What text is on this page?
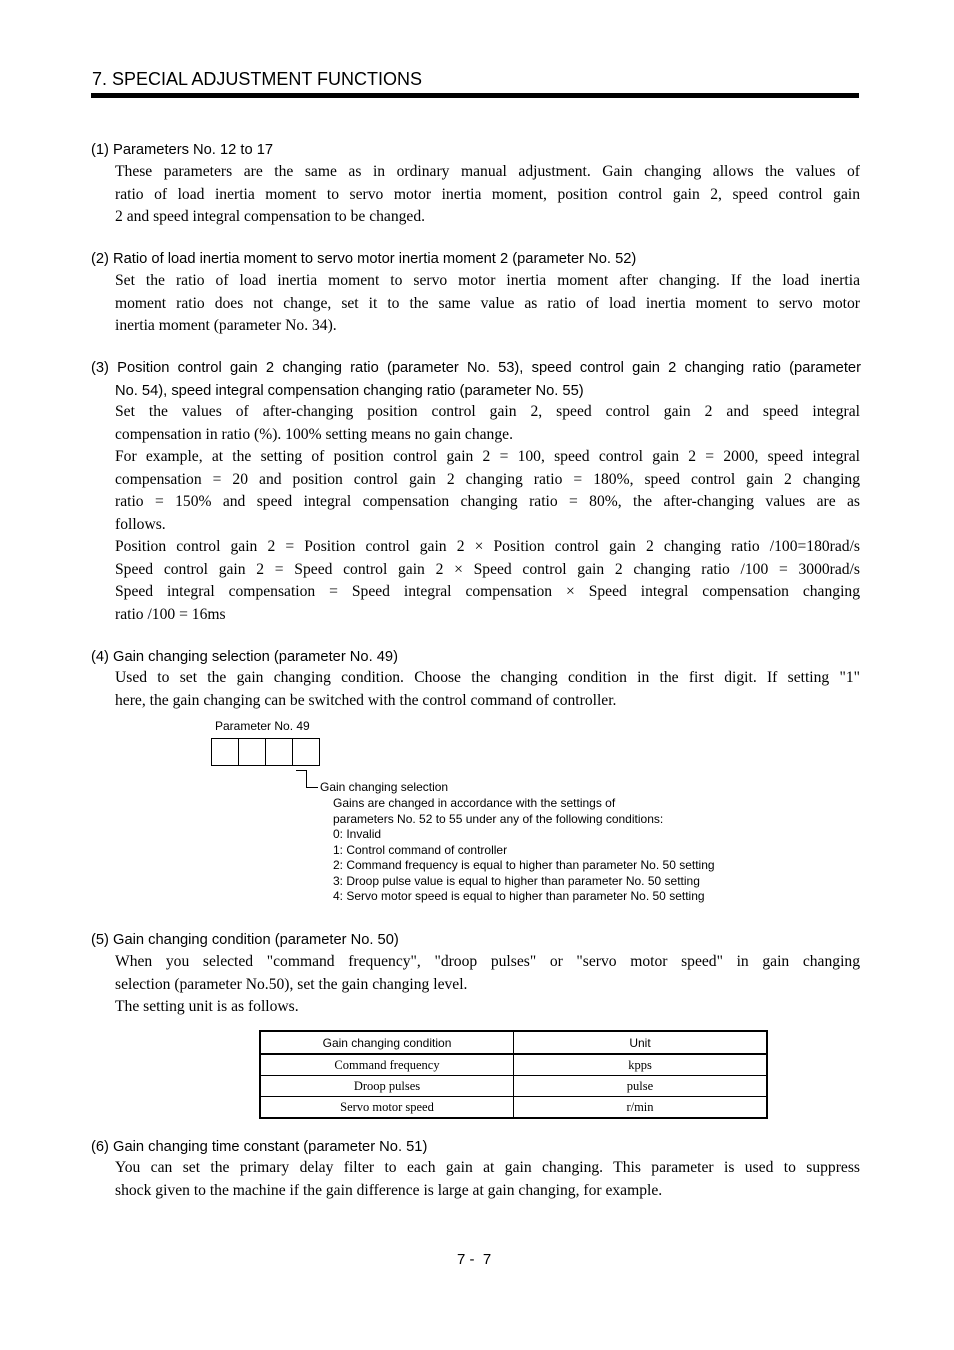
7. SPECIAL ADJUSTMENT FUNCTIONS
(1) Parameters No. 12 to 17
These parameters are the same as in ordinary manual adjustment. Gain changing allows the values of
ratio of load inertia moment to servo motor inertia moment, position control gain 2, speed control gain
2 and speed integral compensation to be changed.
(2) Ratio of load inertia moment to servo motor inertia moment 2 (parameter No. 52)
Set the ratio of load inertia moment to servo motor inertia moment after changing. If the load inertia
moment ratio does not change, set it to the same value as ratio of load inertia moment to servo motor
inertia moment (parameter No. 34).
(3) Position control gain 2 changing ratio (parameter No. 53), speed control gain 2 changing ratio (parameter
No. 54), speed integral compensation changing ratio (parameter No. 55)
Set the values of after-changing position control gain 2, speed control gain 2 and speed integral
compensation in ratio (%). 100% setting means no gain change.
For example, at the setting of position control gain 2 = 100, speed control gain 2 = 2000, speed integral
compensation = 20 and position control gain 2 changing ratio = 180%, speed control gain 2 changing
ratio = 150% and speed integral compensation changing ratio = 80%, the after-changing values are as
follows.
Position control gain 2 = Position control gain 2 × Position control gain 2 changing ratio /100=180rad/s
Speed control gain 2 = Speed control gain 2 × Speed control gain 2 changing ratio /100 = 3000rad/s
Speed integral compensation = Speed integral compensation × Speed integral compensation changing
ratio /100 = 16ms
(4) Gain changing selection (parameter No. 49)
Used to set the gain changing condition. Choose the changing condition in the first digit. If setting "1"
here, the gain changing can be switched with the control command of controller.
Parameter No. 49
Gain changing selection
Gains are changed in accordance with the settings of
parameters No. 52 to 55 under any of the following conditions:
0: Invalid
1: Control command of controller
2: Command frequency is equal to higher than parameter No. 50 setting
3: Droop pulse value is equal to higher than parameter No. 50 setting
4: Servo motor speed is equal to higher than parameter No. 50 setting
(5) Gain changing condition (parameter No. 50)
When you selected "command frequency", "droop pulses" or "servo motor speed" in gain changing
selection (parameter No.50), set the gain changing level.
The setting unit is as follows.
Gain changing condition	Unit
Command frequency	kpps
Droop pulses	pulse
Servo motor speed	r/min
(6) Gain changing time constant (parameter No. 51)
You can set the primary delay filter to each gain at gain changing. This parameter is used to suppress
shock given to the machine if the gain difference is large at gain changing, for example.
7 -  7
